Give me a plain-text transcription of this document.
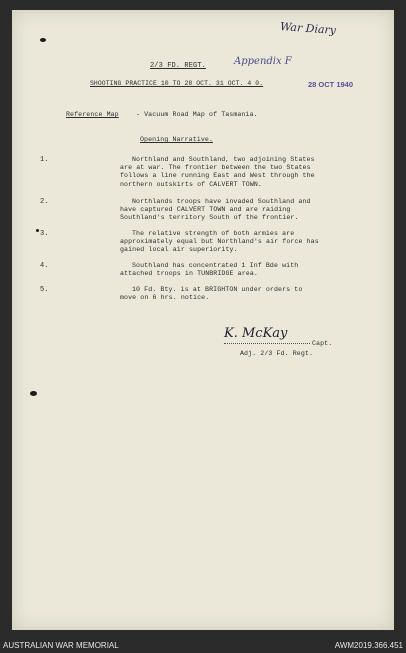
War Diary
2/3 FD. REGT.	Appendix F
SHOOTING PRACTICE 10 TO 28 OCT. 31 OCT. 4 0.	28 OCT 1940
Reference Map	- Vacuum Road Map of Tasmania.
Opening Narrative.
1.	Northland and Southland, two adjoining States
are at war. The frontier between the two States
follows a line running East and West through the
northern outskirts of CALVERT TOWN.
2.	Northlands troops have invaded Southland and
have captured CALVERT TOWN and are raiding
Southland's territory South of the frontier.
3.	The relative strength of both armies are
approximately equal but Northland's air force has
gained local air superiority.
4.	Southland has concentrated 1 Inf Bde with
attached troops in TUNBRIDGE area.
5.	10 Fd. Bty. is at BRIGHTON under orders to
move on 6 hrs. notice.
K. McKay
Capt.
Adj. 2/3 Fd. Regt.
AUSTRALIAN WAR MEMORIAL	AWM2019.366.451
